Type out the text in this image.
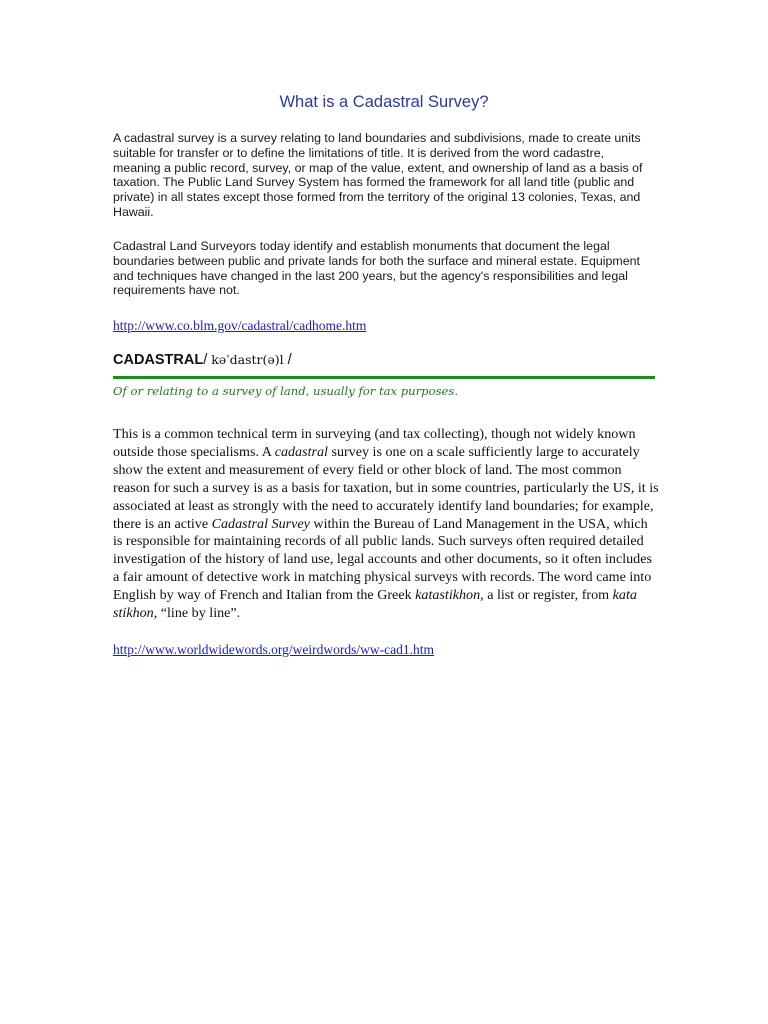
What is a Cadastral Survey?

A cadastral survey is a survey relating to land boundaries and subdivisions, made to create units suitable for transfer or to define the limitations of title. It is derived from the word cadastre, meaning a public record, survey, or map of the value, extent, and ownership of land as a basis of taxation. The Public Land Survey System has formed the framework for all land title (public and private) in all states except those formed from the territory of the original 13 colonies, Texas, and Hawaii.

Cadastral Land Surveyors today identify and establish monuments that document the legal boundaries between public and private lands for both the surface and mineral estate. Equipment and techniques have changed in the last 200 years, but the agency's responsibilities and legal requirements have not.

http://www.co.blm.gov/cadastral/cadhome.htm
CADASTRAL/ kəˈdastr(ə)l /
Of or relating to a survey of land, usually for tax purposes.

This is a common technical term in surveying (and tax collecting), though not widely known outside those specialisms. A cadastral survey is one on a scale sufficiently large to accurately show the extent and measurement of every field or other block of land. The most common reason for such a survey is as a basis for taxation, but in some countries, particularly the US, it is associated at least as strongly with the need to accurately identify land boundaries; for example, there is an active Cadastral Survey within the Bureau of Land Management in the USA, which is responsible for maintaining records of all public lands. Such surveys often required detailed investigation of the history of land use, legal accounts and other documents, so it often includes a fair amount of detective work in matching physical surveys with records. The word came into English by way of French and Italian from the Greek katastikhon, a list or register, from kata stikhon, “line by line”.

http://www.worldwidewords.org/weirdwords/ww-cad1.htm
